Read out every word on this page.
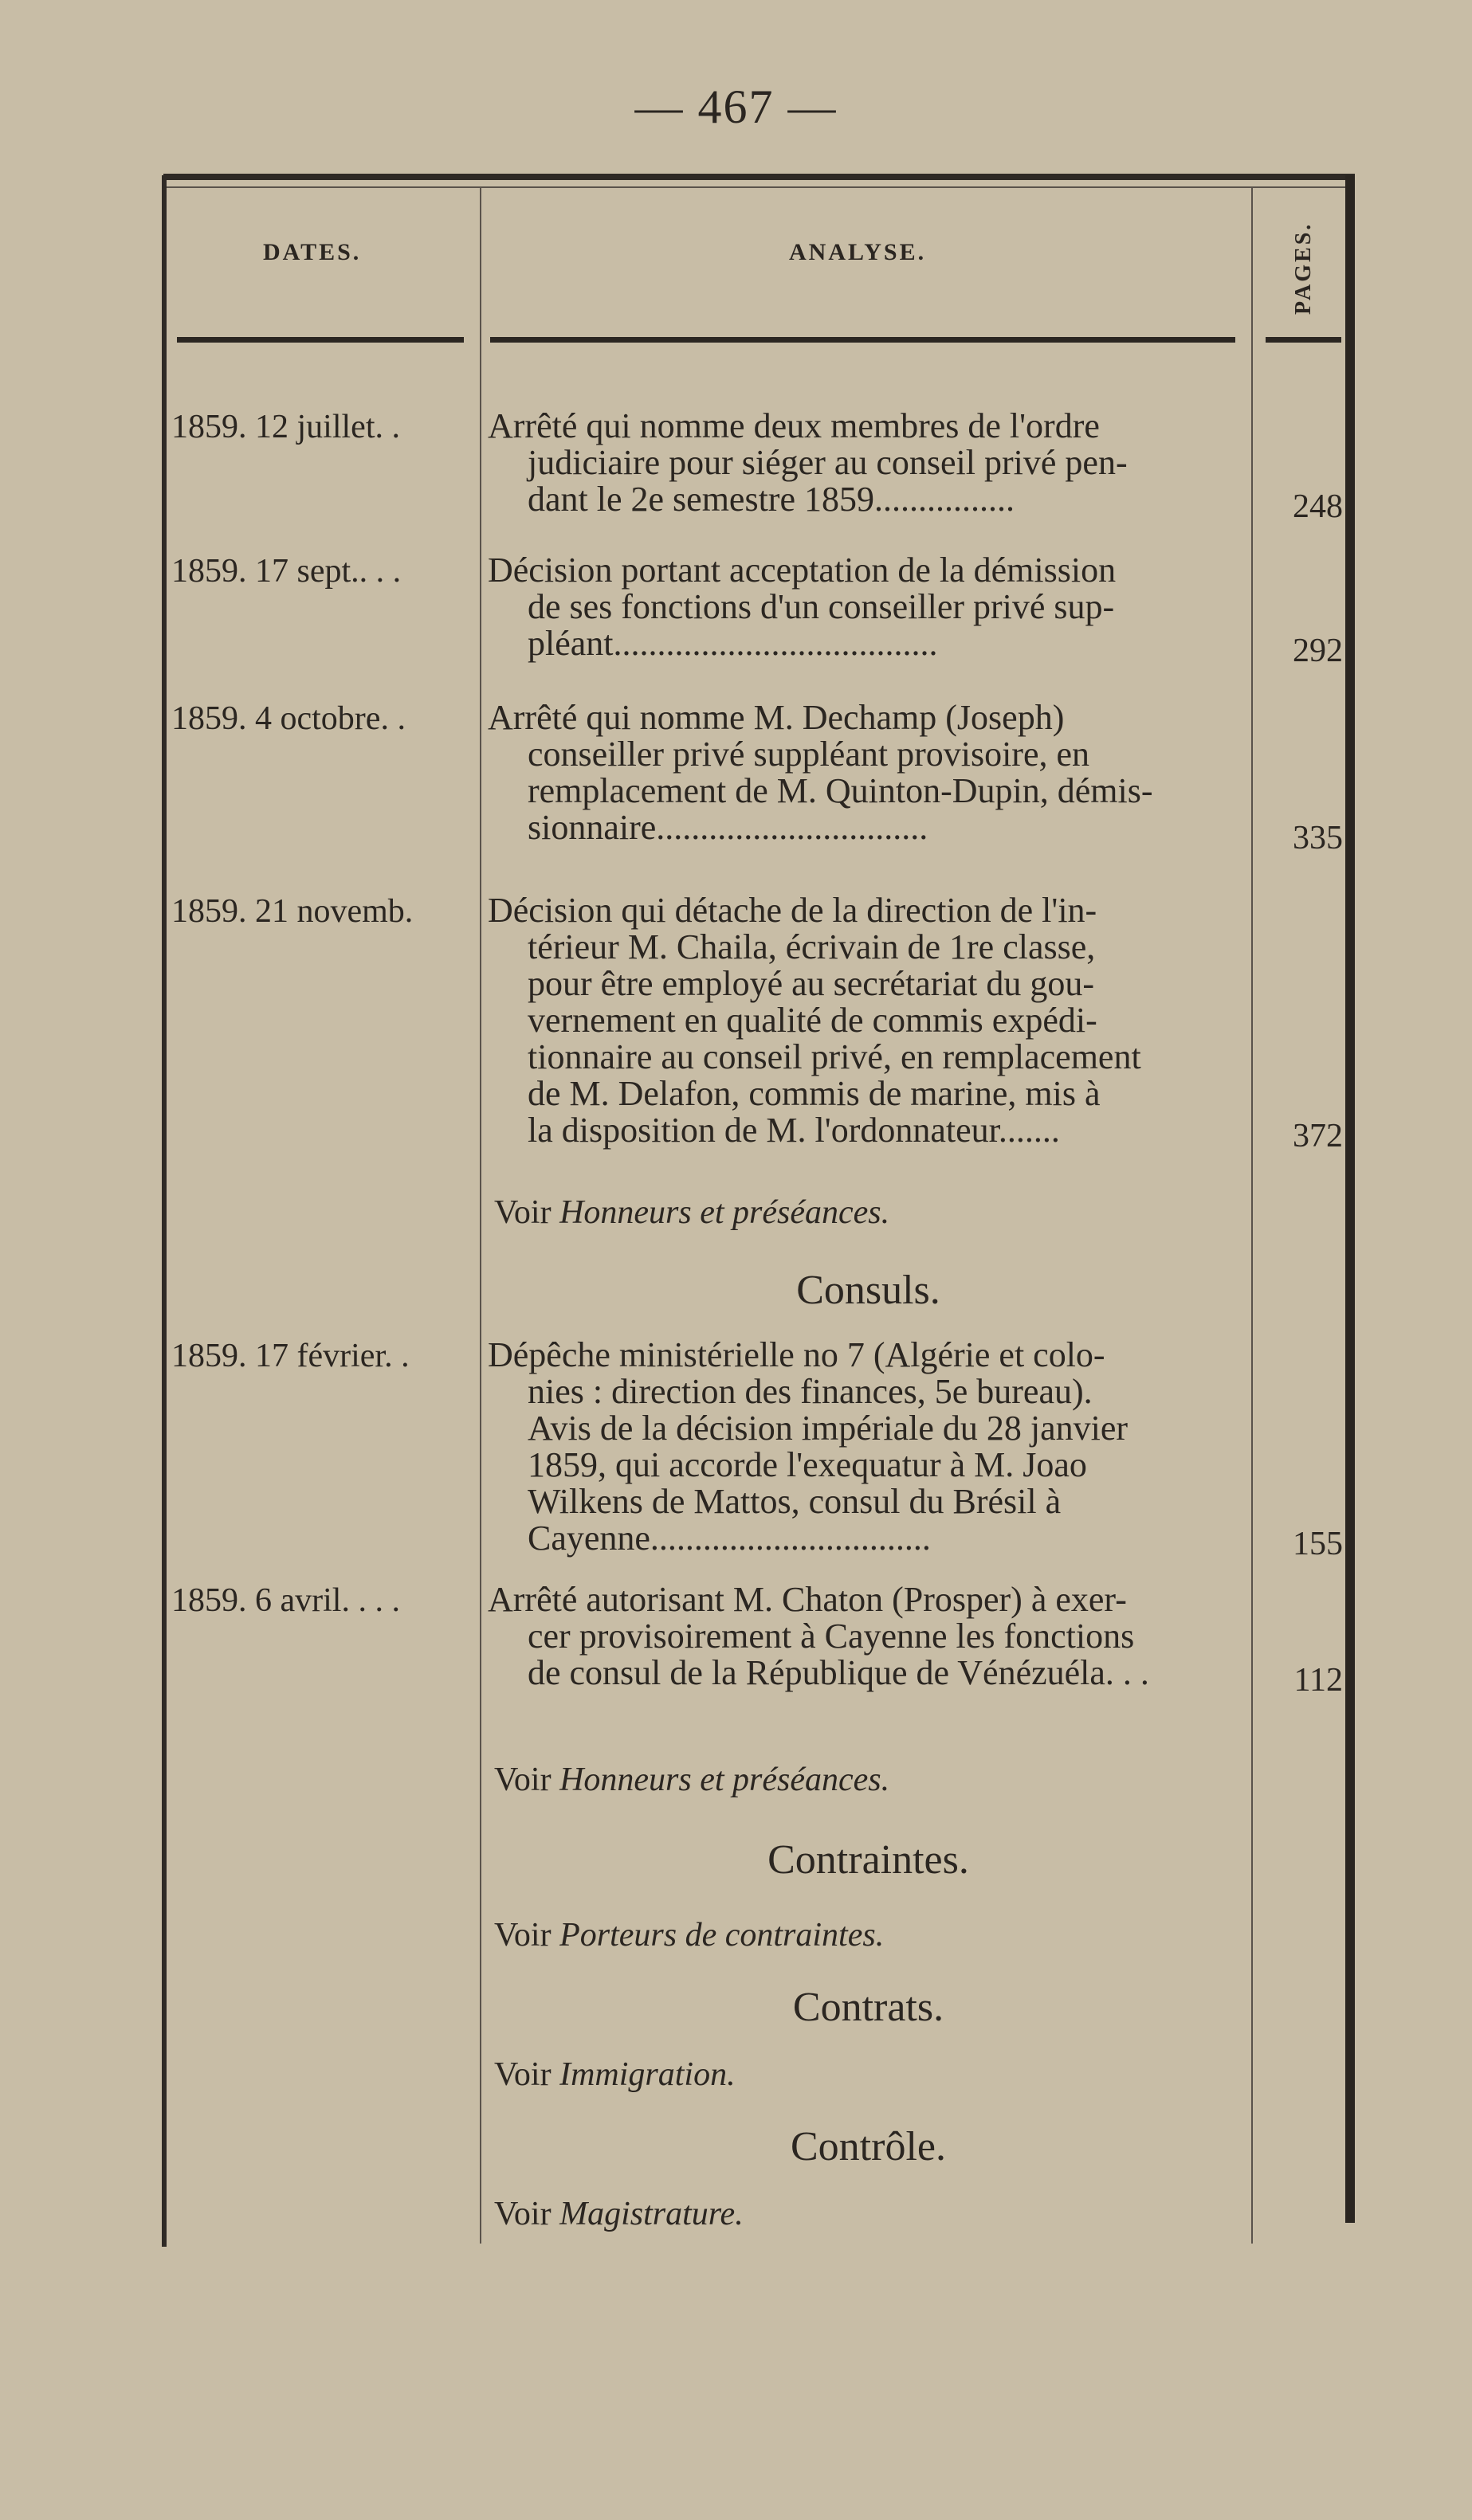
— 467 —
DATES.	ANALYSE.	PAGES.
1859. 12 juillet. .	Arrêté qui nomme deux membres de l'ordre
judiciaire pour siéger au conseil privé pen-
dant le 2e semestre 1859................	248
1859. 17 sept.. . .	Décision portant acceptation de la démission
de ses fonctions d'un conseiller privé sup-
pléant.....................................	292
1859. 4 octobre. .	Arrêté qui nomme M. Dechamp (Joseph)
conseiller privé suppléant provisoire, en
remplacement de M. Quinton-Dupin, démis-
sionnaire...............................	335
1859. 21 novemb.	Décision qui détache de la direction de l'in-
térieur M. Chaila, écrivain de 1re classe,
pour être employé au secrétariat du gou-
vernement en qualité de commis expédi-
tionnaire au conseil privé, en remplacement
de M. Delafon, commis de marine, mis à
la disposition de M. l'ordonnateur.......	372
Voir Honneurs et préséances.
Consuls.
1859. 17 février. .	Dépêche ministérielle no 7 (Algérie et colo-
nies : direction des finances, 5e bureau).
Avis de la décision impériale du 28 janvier
1859, qui accorde l'exequatur à M. Joao
Wilkens de Mattos, consul du Brésil à
Cayenne................................	155
1859. 6 avril. . . .	Arrêté autorisant M. Chaton (Prosper) à exer-
cer provisoirement à Cayenne les fonctions
de consul de la République de Vénézuéla. . .	112
Voir Honneurs et préséances.
Contraintes.
Voir Porteurs de contraintes.
Contrats.
Voir Immigration.
Contrôle.
Voir Magistrature.
